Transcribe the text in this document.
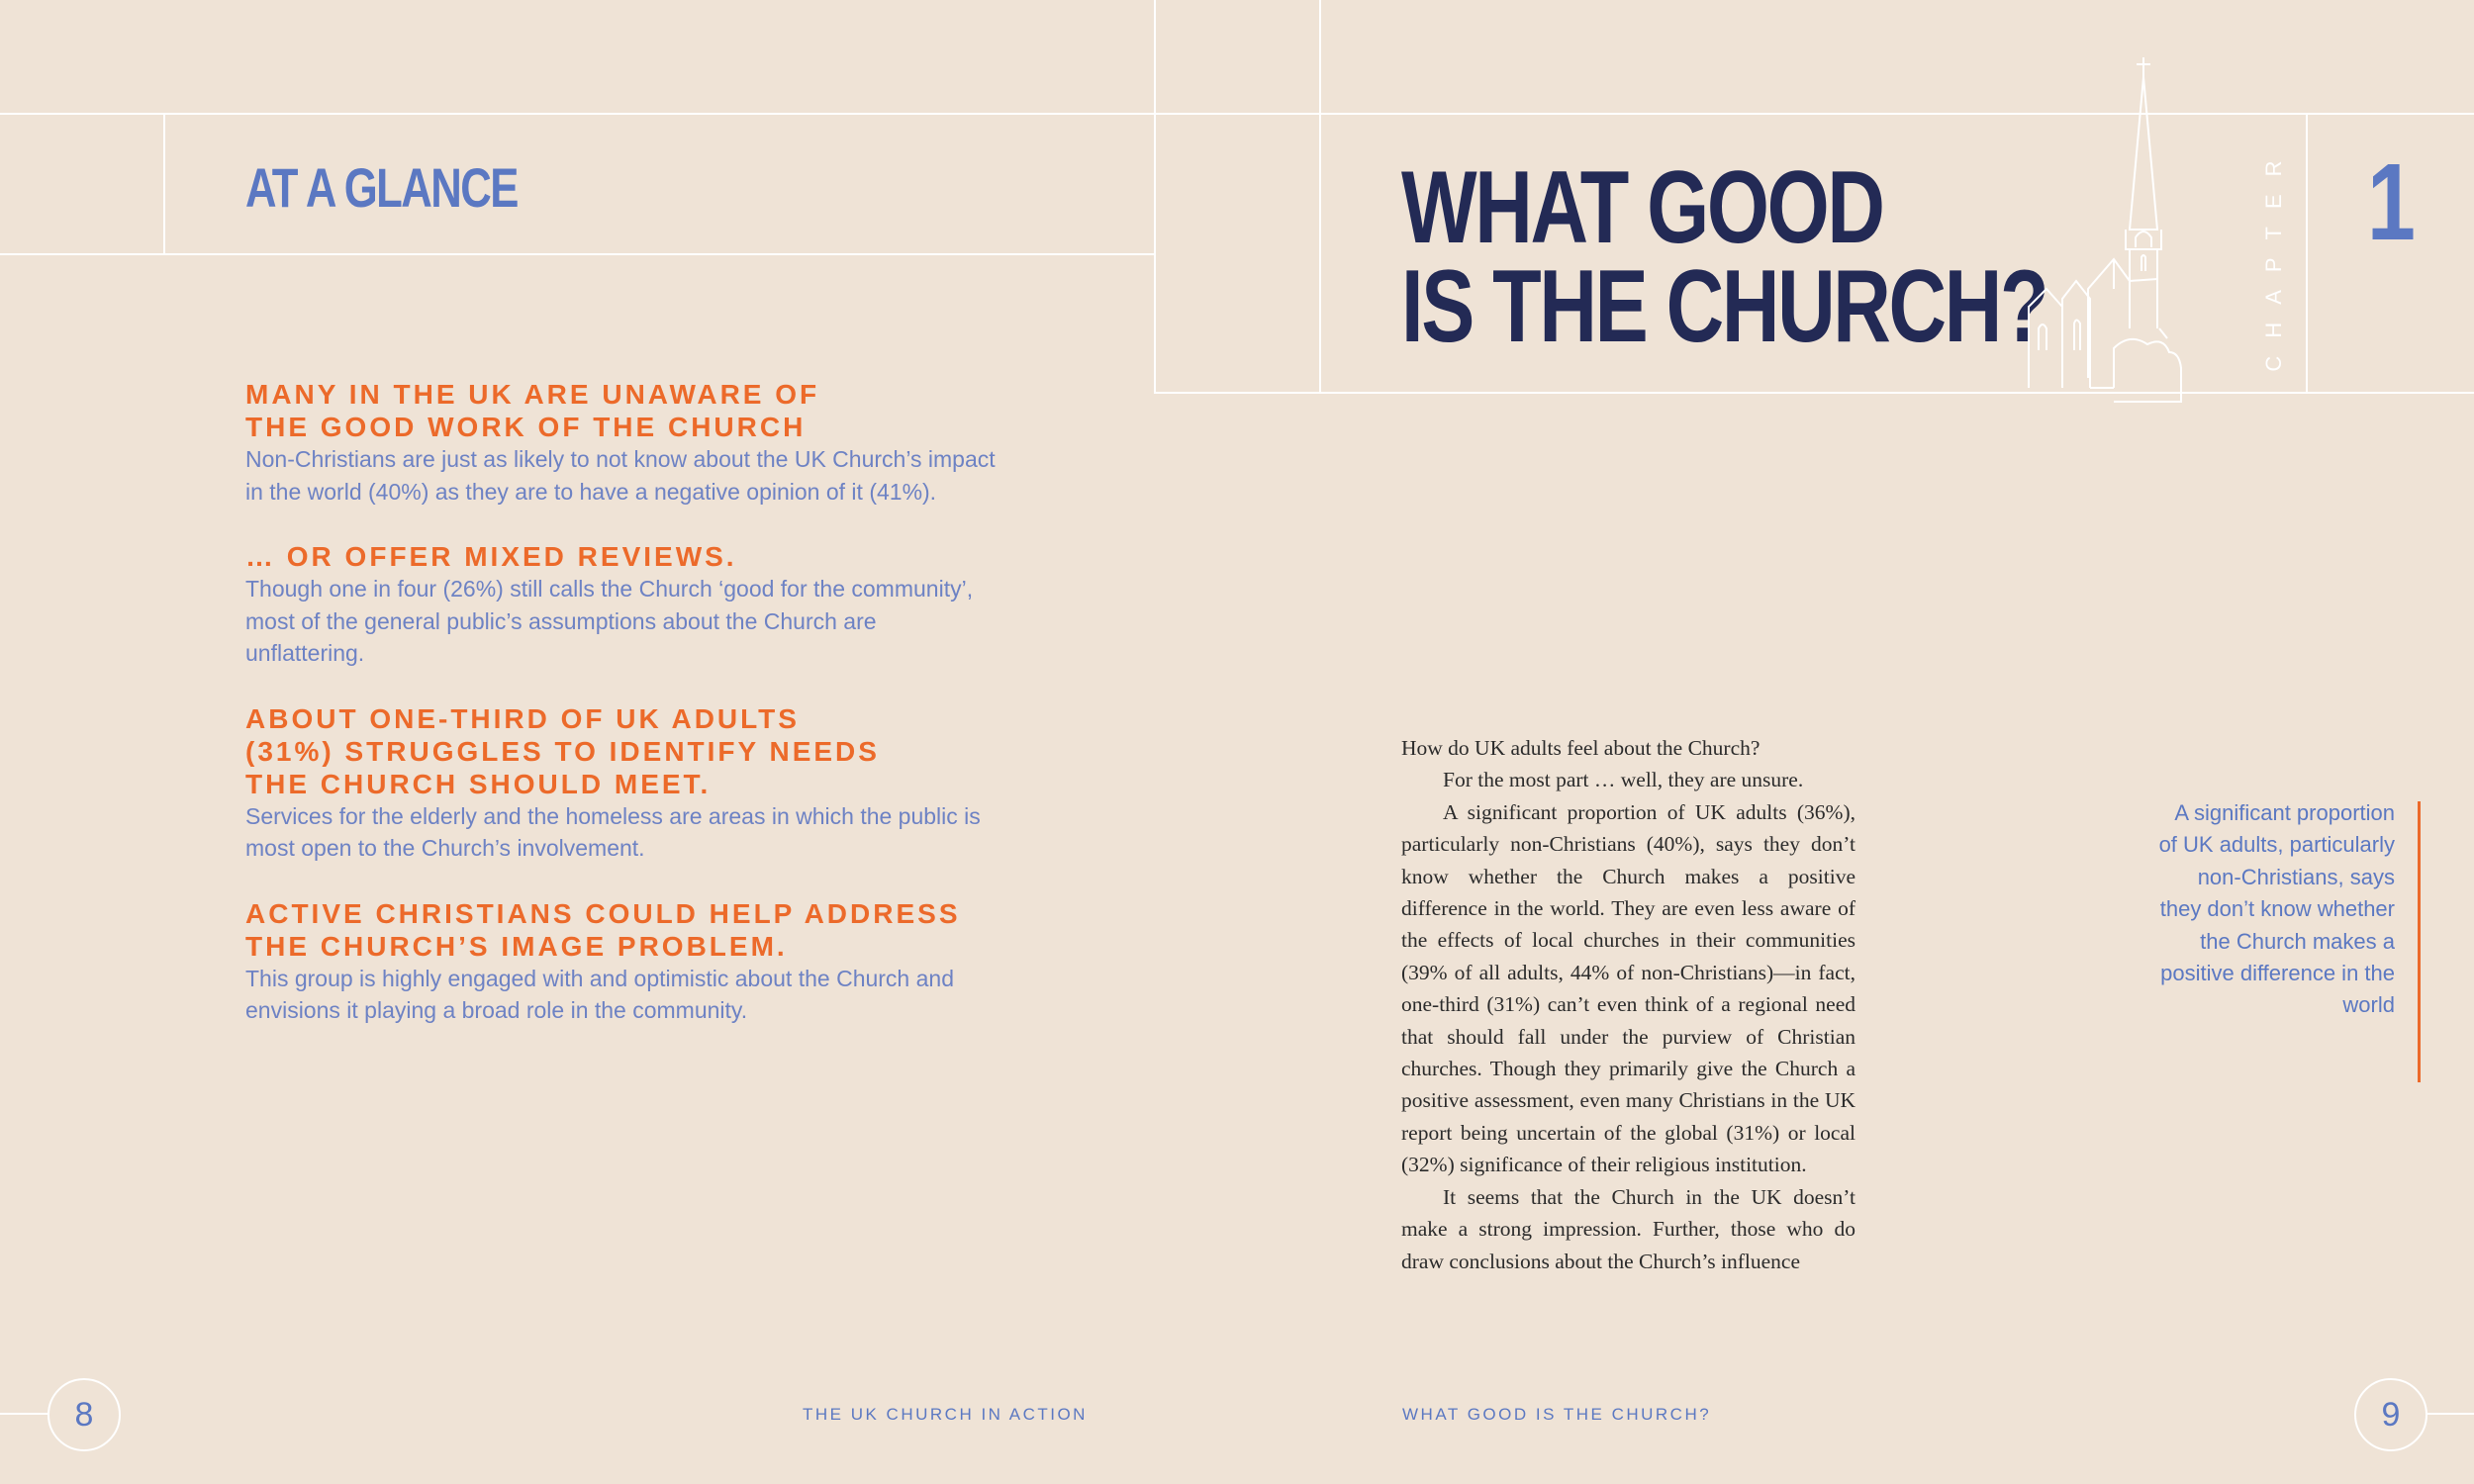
AT A GLANCE
MANY IN THE UK ARE UNAWARE OF
THE GOOD WORK OF THE CHURCH

Non-Christians are just as likely to not know about the UK Church’s impact in the world (40%) as they are to have a negative opinion of it (41%).

… OR OFFER MIXED REVIEWS.

Though one in four (26%) still calls the Church ‘good for the community’, most of the general public’s assumptions about the Church are unflattering.

ABOUT ONE-THIRD OF UK ADULTS
(31%) STRUGGLES TO IDENTIFY NEEDS
THE CHURCH SHOULD MEET.

Services for the elderly and the homeless are areas in which the public is most open to the Church’s involvement.

ACTIVE CHRISTIANS COULD HELP ADDRESS
THE CHURCH’S IMAGE PROBLEM.

This group is highly engaged with and optimistic about the Church and envisions it playing a broad role in the community.

8	THE UK CHURCH IN ACTION
WHAT GOOD
IS THE CHURCH?	CHAPTER 1

How do UK adults feel about the Church?

For the most part … well, they are unsure.

A significant proportion of UK adults (36%), particularly non-Christians (40%), says they don’t know whether the Church makes a positive difference in the world. They are even less aware of the effects of local churches in their communities (39% of all adults, 44% of non-Christians)—in fact, one-third (31%) can’t even think of a regional need that should fall under the purview of Christian churches. Though they primarily give the Church a positive assessment, even many Christians in the UK report being uncertain of the global (31%) or local (32%) significance of their religious institution.

It seems that the Church in the UK doesn’t make a strong impression. Further, those who do draw conclusions about the Church’s influence

A significant proportion of UK adults, particularly non-Christians, says they don’t know whether the Church makes a positive difference in the world
WHAT GOOD IS THE CHURCH?	9
